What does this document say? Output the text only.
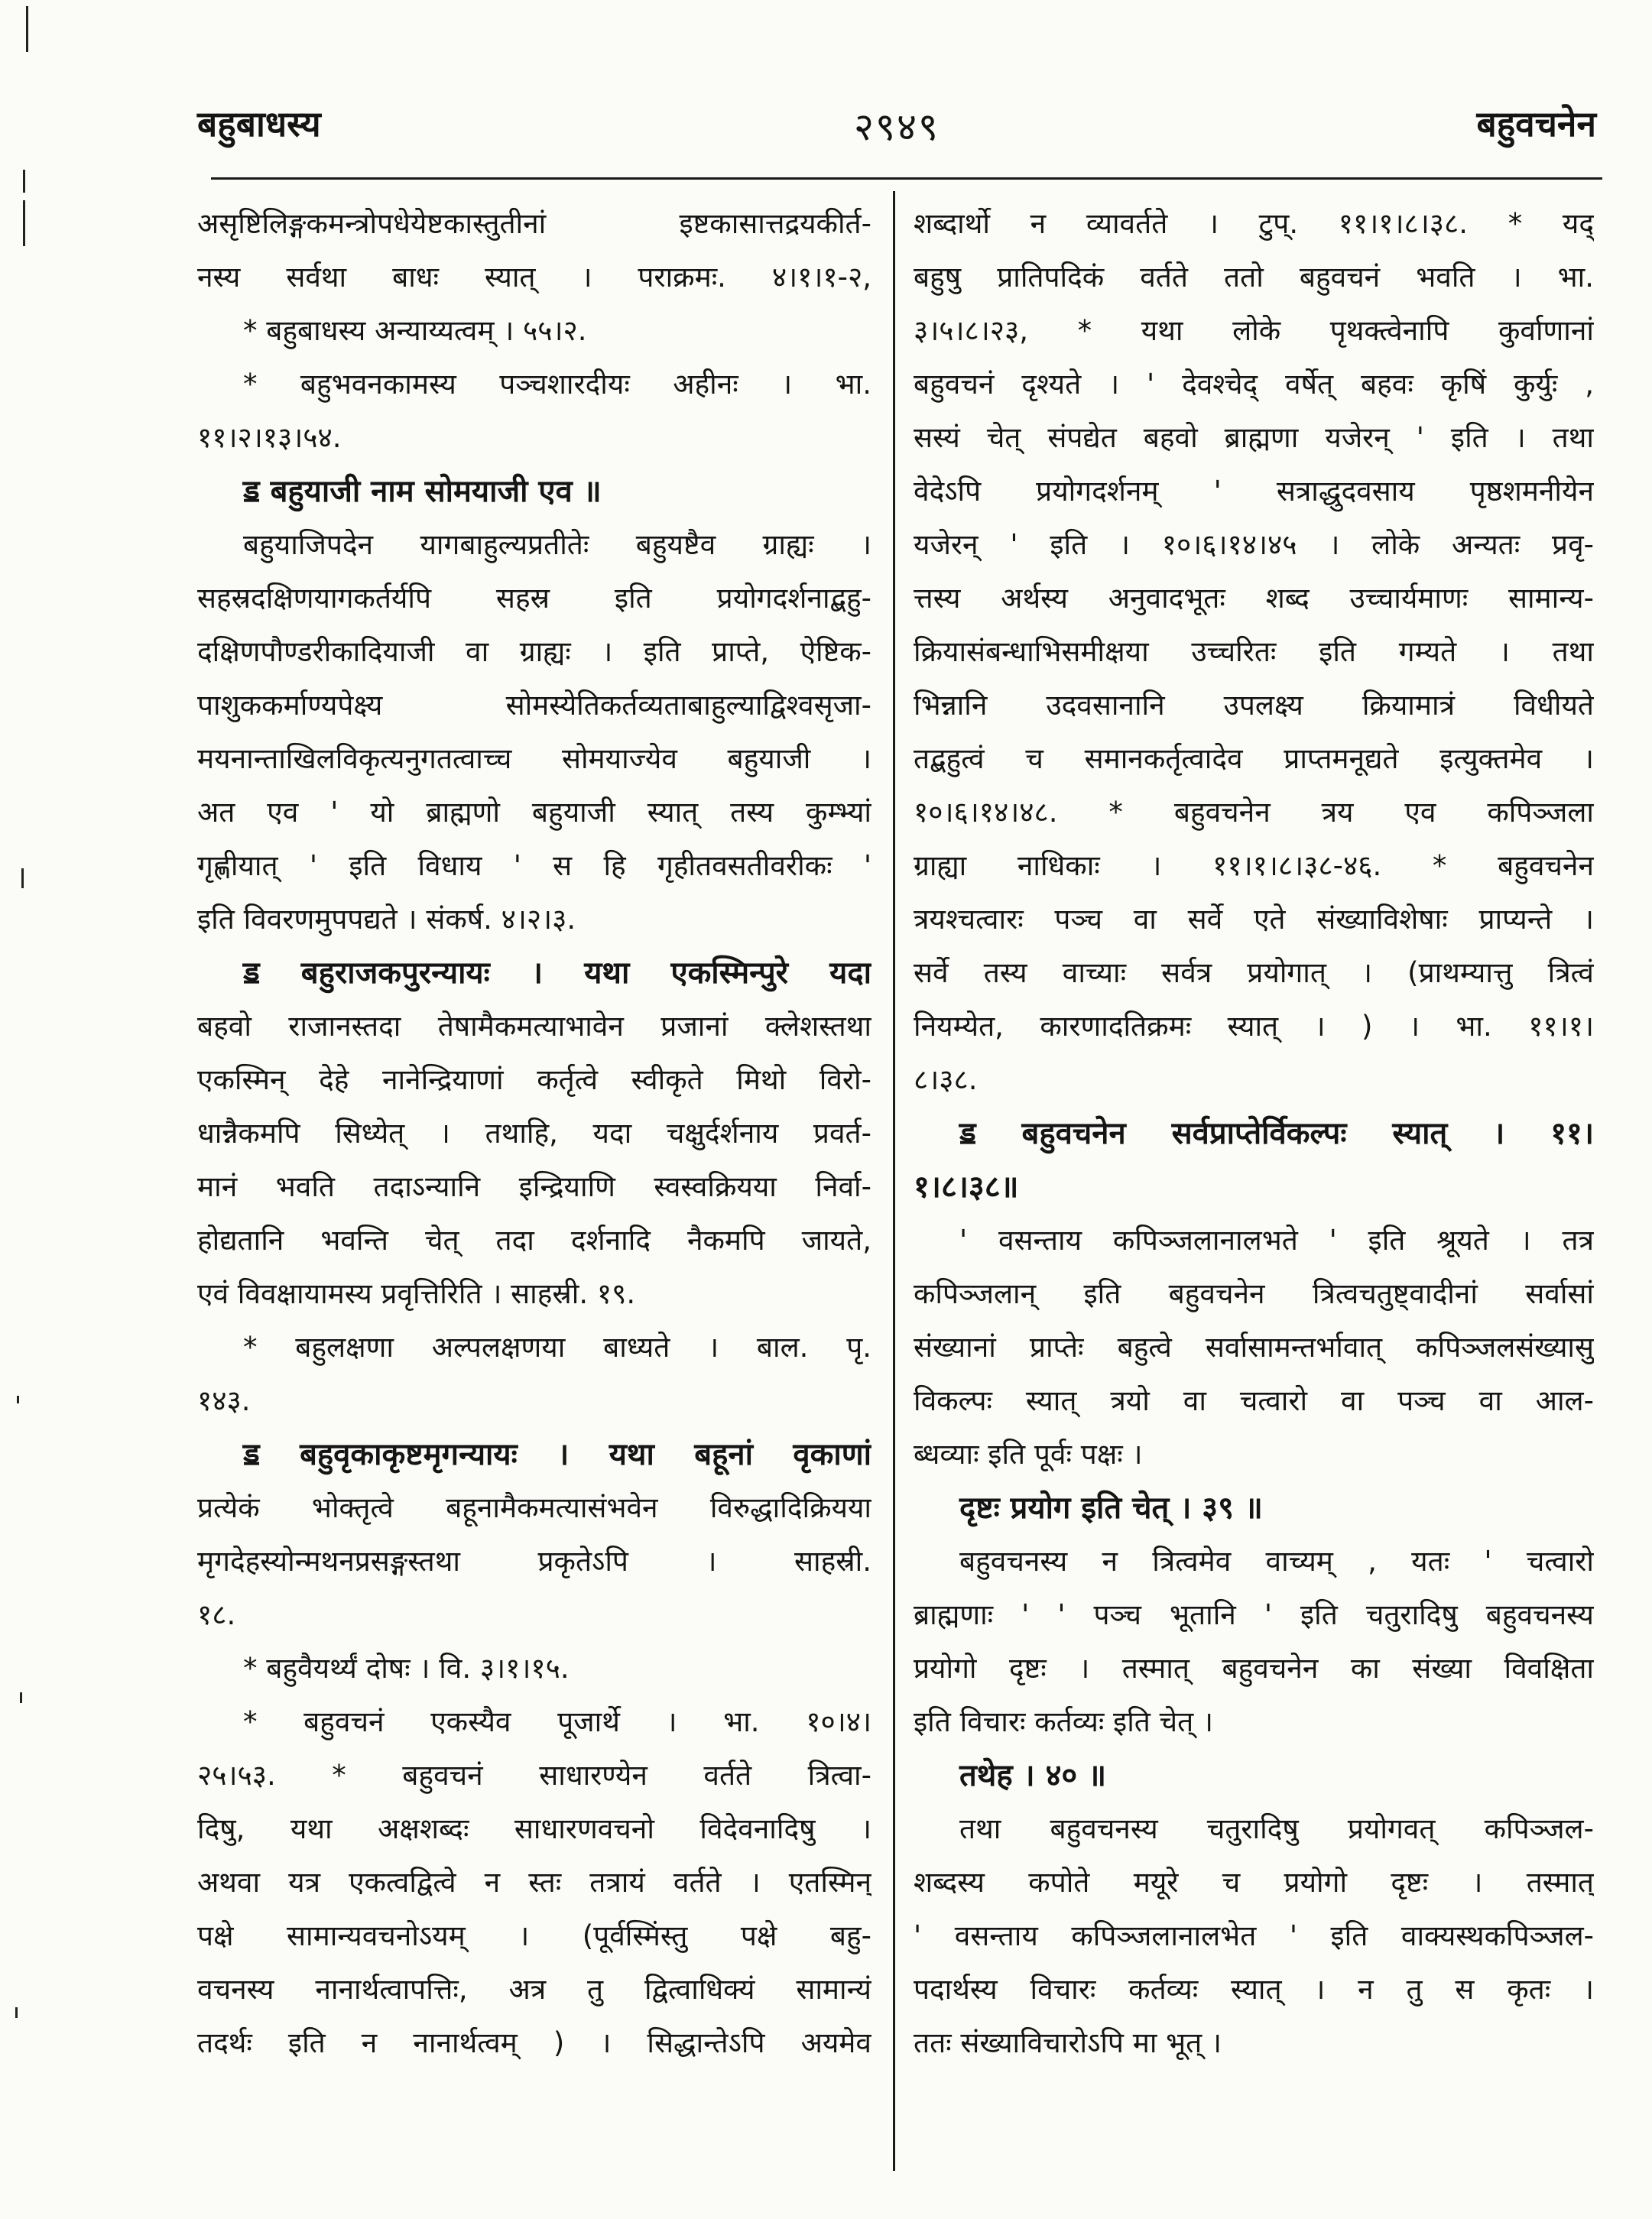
बहुबाधस्य	२९४९	बहुवचनेन
असृष्टिलिङ्गकमन्त्रोपधेयेष्टकास्तुतीनां इष्टकासात्तद्रयकीर्त-
नस्य सर्वथा बाधः स्यात् । पराक्रमः. ४।१।१-२,
* बहुबाधस्य अन्याय्यत्वम् । ५५।२.
* बहुभवनकामस्य पञ्चशारदीयः अहीनः । भा.
११।२।१३।५४.
ॾ बहुयाजी नाम सोमयाजी एव ॥
बहुयाजिपदेन यागबाहुल्यप्रतीतेः बहुयष्टैव ग्राह्यः ।
सहस्रदक्षिणयागकर्तर्यपि सहस्र इति प्रयोगदर्शनाद्बहु-
दक्षिणपौण्डरीकादियाजी वा ग्राह्यः । इति प्राप्ते, ऐष्टिक-
पाशुककर्माण्यपेक्ष्य सोमस्येतिकर्तव्यताबाहुल्याद्विश्वसृजा-
मयनान्ताखिलविकृत्यनुगतत्वाच्च सोमयाज्येव बहुयाजी ।
अत एव ' यो ब्राह्मणो बहुयाजी स्यात् तस्य कुम्भ्यां
गृह्णीयात् ' इति विधाय ' स हि गृहीतवसतीवरीकः '
इति विवरणमुपपद्यते । संकर्ष. ४।२।३.
ॾ बहुराजकपुरन्यायः । यथा एकस्मिन्पुरे यदा
बहवो राजानस्तदा तेषामैकमत्याभावेन प्रजानां क्लेशस्तथा
एकस्मिन् देहे नानेन्द्रियाणां कर्तृत्वे स्वीकृते मिथो विरो-
धान्नैकमपि सिध्येत् । तथाहि, यदा चक्षुर्दर्शनाय प्रवर्त-
मानं भवति तदाऽन्यानि इन्द्रियाणि स्वस्वक्रियया निर्वा-
होद्यतानि भवन्ति चेत् तदा दर्शनादि नैकमपि जायते,
एवं विवक्षायामस्य प्रवृत्तिरिति । साहस्री. १९.
* बहुलक्षणा अल्पलक्षणया बाध्यते । बाल. पृ.
१४३.
ॾ बहुवृकाकृष्टमृगन्यायः । यथा बहूनां वृकाणां
प्रत्येकं भोक्तृत्वे बहूनामैकमत्यासंभवेन विरुद्धादिक्रियया
मृगदेहस्योन्मथनप्रसङ्गस्तथा प्रकृतेऽपि । साहस्री.
१८.
* बहुवैयर्थ्यं दोषः । वि. ३।१।१५.
* बहुवचनं एकस्यैव पूजार्थे । भा. १०।४।
२५।५३. * बहुवचनं साधारण्येन वर्तते त्रित्वा-
दिषु, यथा अक्षशब्दः साधारणवचनो विदेवनादिषु ।
अथवा यत्र एकत्वद्वित्वे न स्तः तत्रायं वर्तते । एतस्मिन्
पक्षे सामान्यवचनोऽयम् । (पूर्वस्मिंस्तु पक्षे बहु-
वचनस्य नानार्थत्वापत्तिः, अत्र तु द्वित्वाधिक्यं सामान्यं
तदर्थः इति न नानार्थत्वम् ) । सिद्धान्तेऽपि अयमेव
शब्दार्थो न व्यावर्तते । टुप्. ११।१।८।३८. * यद्
बहुषु प्रातिपदिकं वर्तते ततो बहुवचनं भवति । भा.
३।५।८।२३, * यथा लोके पृथक्त्वेनापि कुर्वाणानां
बहुवचनं दृश्यते । ' देवश्चेद् वर्षेत् बहवः कृषिं कुर्युः ,
सस्यं चेत् संपद्येत बहवो ब्राह्मणा यजेरन् ' इति । तथा
वेदेऽपि प्रयोगदर्शनम् ' सत्राद्धुदवसाय पृष्ठशमनीयेन
यजेरन् ' इति । १०।६।१४।४५ । लोके अन्यतः प्रवृ-
त्तस्य अर्थस्य अनुवादभूतः शब्द उच्चार्यमाणः सामान्य-
क्रियासंबन्धाभिसमीक्षया उच्चरितः इति गम्यते । तथा
भिन्नानि उदवसानानि उपलक्ष्य क्रियामात्रं विधीयते
तद्बहुत्वं च समानकर्तृत्वादेव प्राप्तमनूद्यते इत्युक्तमेव ।
१०।६।१४।४८. * बहुवचनेन त्रय एव कपिञ्जला
ग्राह्या नाधिकाः । ११।१।८।३८-४६. * बहुवचनेन
त्रयश्चत्वारः पञ्च वा सर्वे एते संख्याविशेषाः प्राप्यन्ते ।
सर्वे तस्य वाच्याः सर्वत्र प्रयोगात् । (प्राथम्यात्तु त्रित्वं
नियम्येत, कारणादतिक्रमः स्यात् । ) । भा. ११।१।
८।३८.
ॾ बहुवचनेन सर्वप्राप्तेर्विकल्पः स्यात् । ११।
१।८।३८॥
' वसन्ताय कपिञ्जलानालभते ' इति श्रूयते । तत्र
कपिञ्जलान् इति बहुवचनेन त्रित्वचतुष्ट्वादीनां सर्वासां
संख्यानां प्राप्तेः बहुत्वे सर्वासामन्तर्भावात् कपिञ्जलसंख्यासु
विकल्पः स्यात् त्रयो वा चत्वारो वा पञ्च वा आल-
ब्धव्याः इति पूर्वः पक्षः ।
दृष्टः प्रयोग इति चेत् । ३९ ॥
बहुवचनस्य न त्रित्वमेव वाच्यम् , यतः ' चत्वारो
ब्राह्मणाः ' ' पञ्च भूतानि ' इति चतुरादिषु बहुवचनस्य
प्रयोगो दृष्टः । तस्मात् बहुवचनेन का संख्या विवक्षिता
इति विचारः कर्तव्यः इति चेत् ।
तथेह । ४० ॥
तथा बहुवचनस्य चतुरादिषु प्रयोगवत् कपिञ्जल-
शब्दस्य कपोते मयूरे च प्रयोगो दृष्टः । तस्मात्
' वसन्ताय कपिञ्जलानालभेत ' इति वाक्यस्थकपिञ्जल-
पदार्थस्य विचारः कर्तव्यः स्यात् । न तु स कृतः ।
ततः संख्याविचारोऽपि मा भूत् ।
